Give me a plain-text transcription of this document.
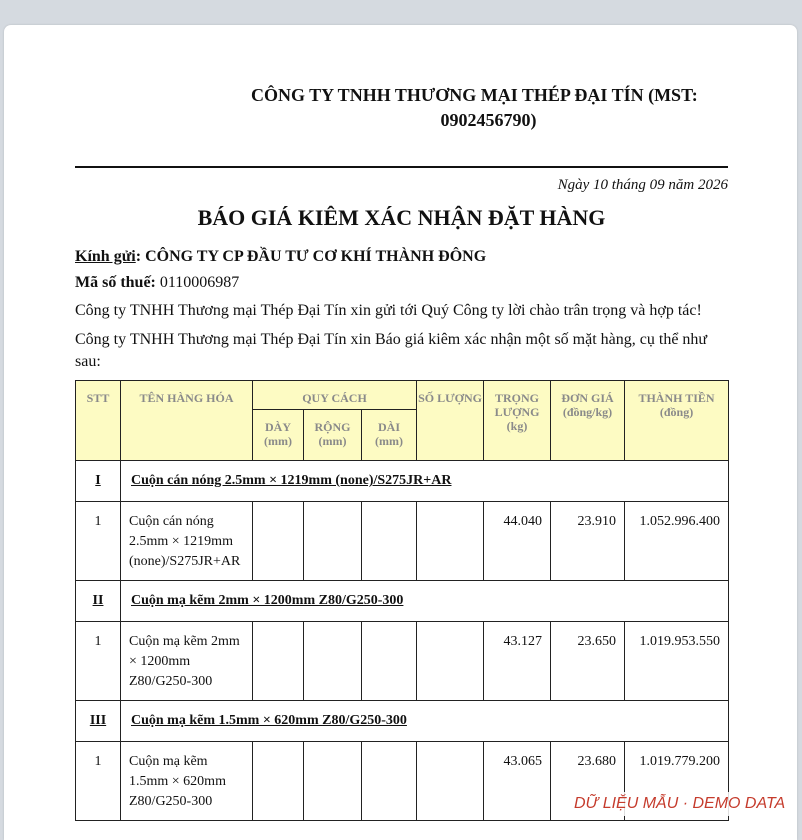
CÔNG TY TNHH THƯƠNG MẠI THÉP ĐẠI TÍN (MST:
0902456790)
Ngày 10 tháng 09 năm 2026
BÁO GIÁ KIÊM XÁC NHẬN ĐẶT HÀNG
Kính gửi: CÔNG TY CP ĐẦU TƯ CƠ KHÍ THÀNH ĐÔNG
Mã số thuế: 0110006987
Công ty TNHH Thương mại Thép Đại Tín xin gửi tới Quý Công ty lời chào trân trọng và hợp tác!
Công ty TNHH Thương mại Thép Đại Tín xin Báo giá kiêm xác nhận một số mặt hàng, cụ thể như sau:
STT	TÊN HÀNG HÓA	QUY CÁCH			SỐ LƯỢNG	TRỌNG LƯỢNG
(kg)	ĐƠN GIÁ
(đồng/kg)	THÀNH TIỀN
(đồng)
		DÀY
(mm)	RỘNG
(mm)	DÀI
(mm)				
I	Cuộn cán nóng 2.5mm × 1219mm (none)/S275JR+AR							
1	Cuộn cán nóng 2.5mm × 1219mm (none)/S275JR+AR					44.040	23.910	1.052.996.400
II	Cuộn mạ kẽm 2mm × 1200mm Z80/G250-300							
1	Cuộn mạ kẽm 2mm × 1200mm Z80/G250-300					43.127	23.650	1.019.953.550
III	Cuộn mạ kẽm 1.5mm × 620mm Z80/G250-300							
1	Cuộn mạ kẽm 1.5mm × 620mm Z80/G250-300					43.065	23.680	1.019.779.200
DỮ LIỆU MẪU · DEMO DATA
